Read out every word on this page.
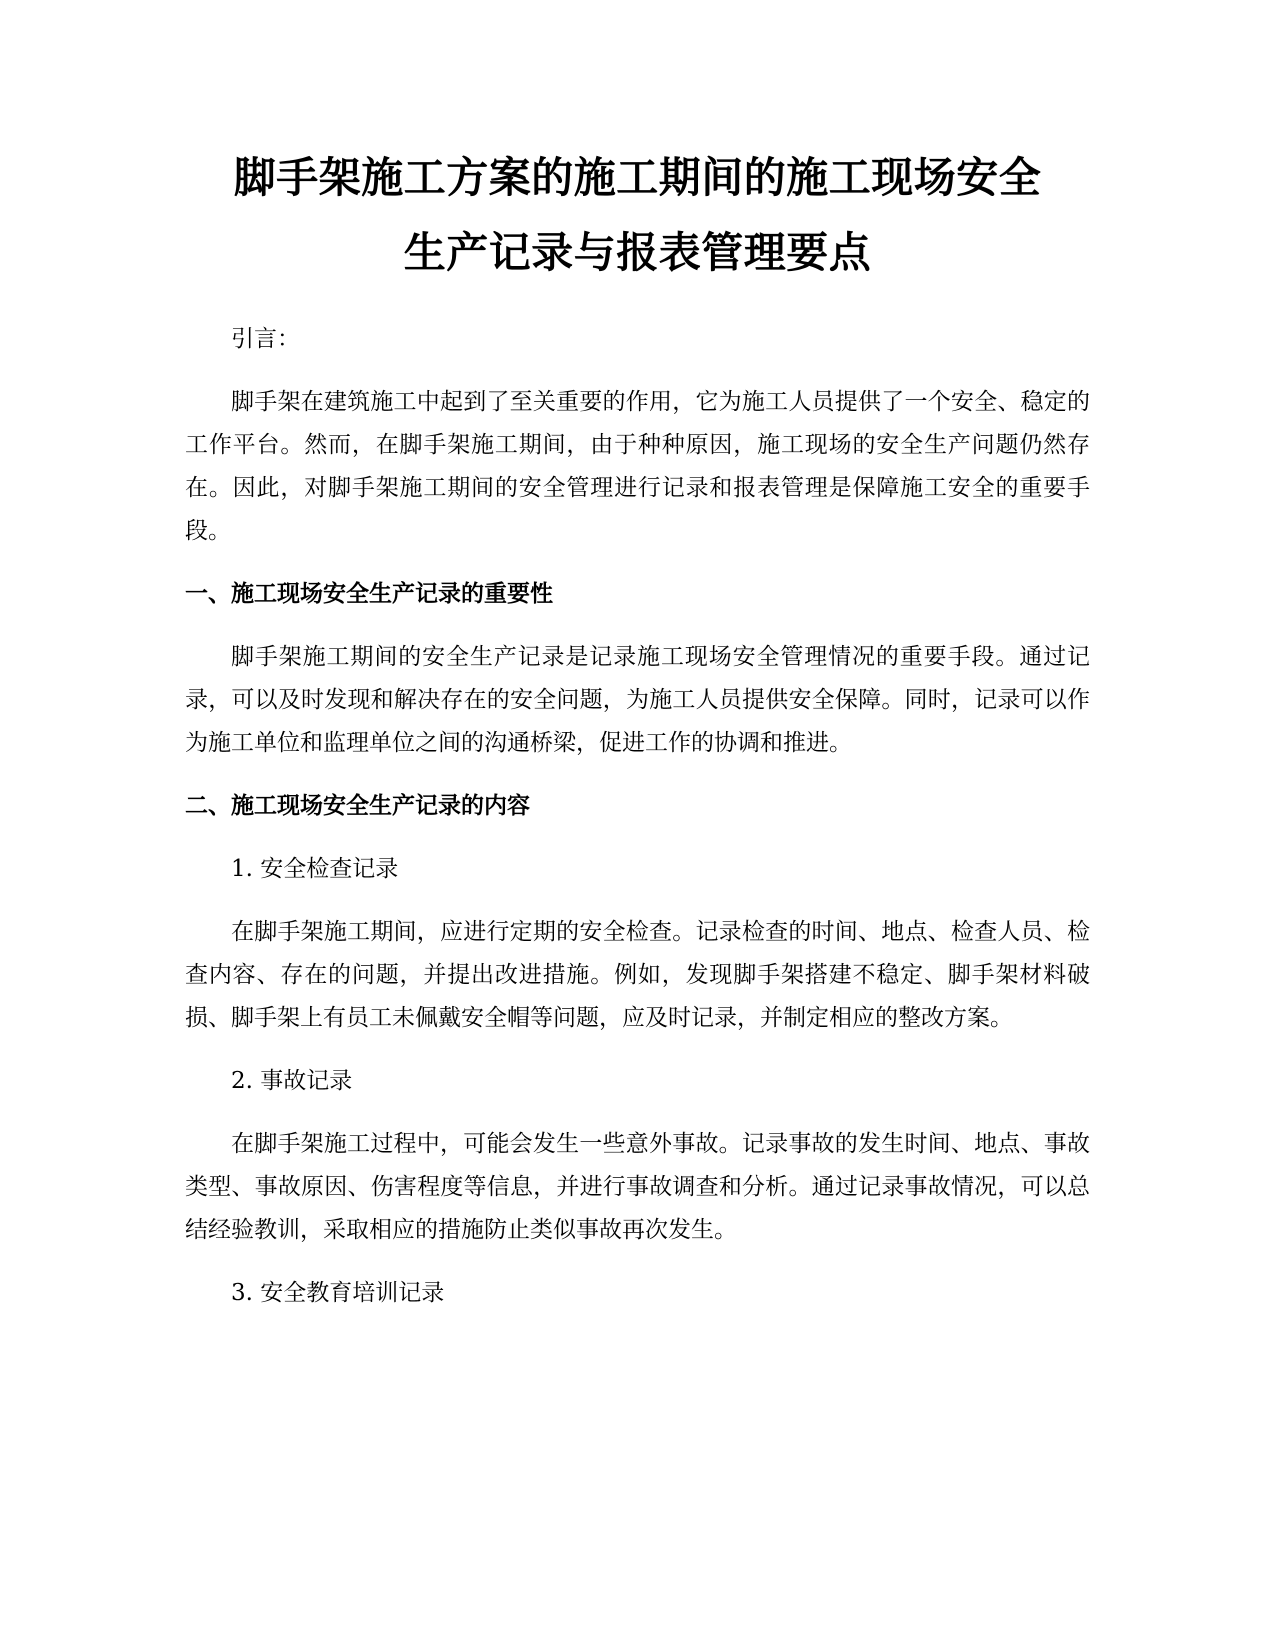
脚手架施工方案的施工期间的施工现场安全
生产记录与报表管理要点

引言：

脚手架在建筑施工中起到了至关重要的作用，它为施工人员提供了一个安全、稳定的工作平台。然而，在脚手架施工期间，由于种种原因，施工现场的安全生产问题仍然存在。因此，对脚手架施工期间的安全管理进行记录和报表管理是保障施工安全的重要手段。

一、施工现场安全生产记录的重要性

脚手架施工期间的安全生产记录是记录施工现场安全管理情况的重要手段。通过记录，可以及时发现和解决存在的安全问题，为施工人员提供安全保障。同时，记录可以作为施工单位和监理单位之间的沟通桥梁，促进工作的协调和推进。

二、施工现场安全生产记录的内容

1. 安全检查记录

在脚手架施工期间，应进行定期的安全检查。记录检查的时间、地点、检查人员、检查内容、存在的问题，并提出改进措施。例如，发现脚手架搭建不稳定、脚手架材料破损、脚手架上有员工未佩戴安全帽等问题，应及时记录，并制定相应的整改方案。

2. 事故记录

在脚手架施工过程中，可能会发生一些意外事故。记录事故的发生时间、地点、事故类型、事故原因、伤害程度等信息，并进行事故调查和分析。通过记录事故情况，可以总结经验教训，采取相应的措施防止类似事故再次发生。

3. 安全教育培训记录
